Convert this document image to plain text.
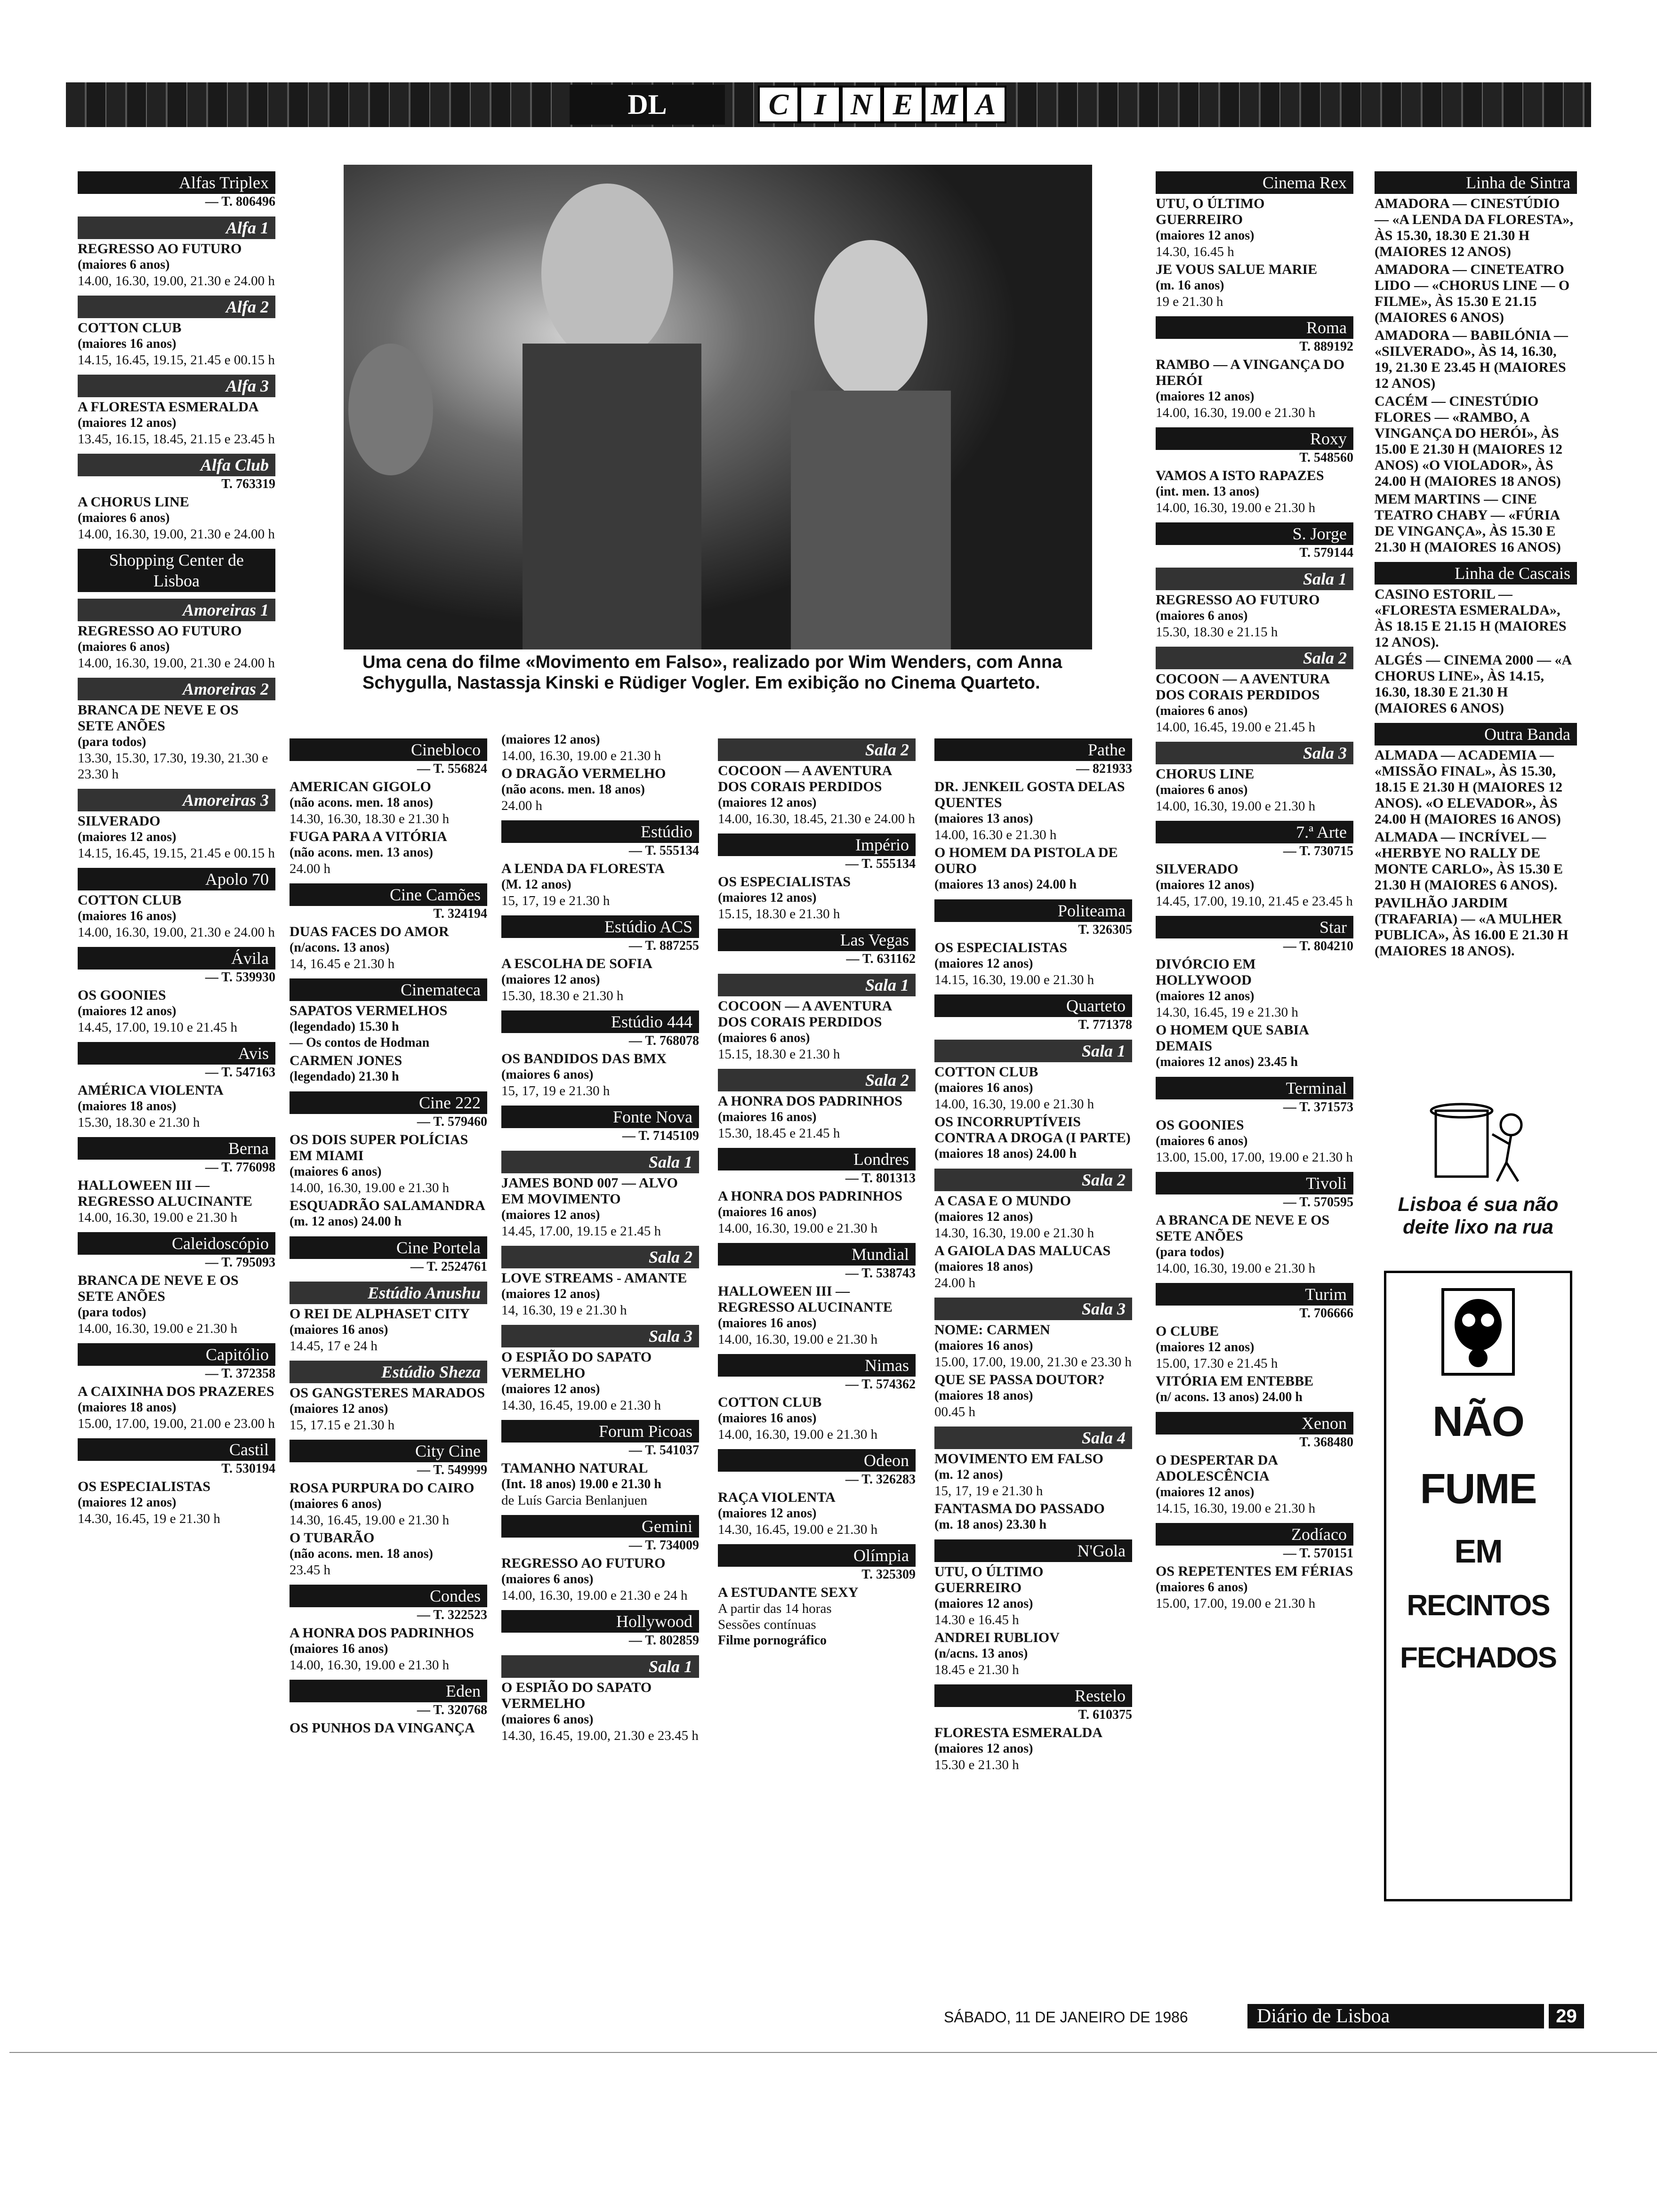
DL	C I N E M A
Alfas Triplex
— T. 806496
Alfa 1
REGRESSO AO FUTURO
(maiores 6 anos)
14.00, 16.30, 19.00, 21.30 e 24.00 h
Alfa 2
COTTON CLUB
(maiores 16 anos)
14.15, 16.45, 19.15, 21.45 e 00.15 h
Alfa 3
A FLORESTA ESMERALDA
(maiores 12 anos)
13.45, 16.15, 18.45, 21.15 e 23.45 h
Alfa Club
T. 763319
A CHORUS LINE
(maiores 6 anos)
14.00, 16.30, 19.00, 21.30 e 24.00 h
Shopping Center de Lisboa
Amoreiras 1
REGRESSO AO FUTURO
(maiores 6 anos)
14.00, 16.30, 19.00, 21.30 e 24.00 h
Amoreiras 2
BRANCA DE NEVE E OS SETE ANÕES
(para todos)
13.30, 15.30, 17.30, 19.30, 21.30 e 23.30 h
Amoreiras 3
SILVERADO
(maiores 12 anos)
14.15, 16.45, 19.15, 21.45 e 00.15 h
Apolo 70
COTTON CLUB
(maiores 16 anos)
14.00, 16.30, 19.00, 21.30 e 24.00 h
Ávila
— T. 539930
OS GOONIES
(maiores 12 anos)
14.45, 17.00, 19.10 e 21.45 h
Avis
— T. 547163
AMÉRICA VIOLENTA
(maiores 18 anos)
15.30, 18.30 e 21.30 h
Berna
— T. 776098
HALLOWEEN III — REGRESSO ALUCINANTE
14.00, 16.30, 19.00 e 21.30 h
Caleidoscópio
— T. 795093
BRANCA DE NEVE E OS SETE ANÕES
(para todos)
14.00, 16.30, 19.00 e 21.30 h
Capitólio
— T. 372358
A CAIXINHA DOS PRAZERES
(maiores 18 anos)
15.00, 17.00, 19.00, 21.00 e 23.00 h
Castil
T. 530194
OS ESPECIALISTAS
(maiores 12 anos)
14.30, 16.45, 19 e 21.30 h
Uma cena do filme «Movimento em Falso», realizado por Wim Wenders, com Anna Schygulla, Nastassja Kinski e Rüdiger Vogler. Em exibição no Cinema Quarteto.
Cinebloco
— T. 556824
AMERICAN GIGOLO
(não acons. men. 18 anos)
14.30, 16.30, 18.30 e 21.30 h
FUGA PARA A VITÓRIA
(não acons. men. 13 anos)
24.00 h
Cine Camões
T. 324194
DUAS FACES DO AMOR
(n/acons. 13 anos)
14, 16.45 e 21.30 h
Cinemateca
SAPATOS VERMELHOS
(legendado) 15.30 h
— Os contos de Hodman
CARMEN JONES
(legendado) 21.30 h
Cine 222
— T. 579460
OS DOIS SUPER POLÍCIAS EM MIAMI
(maiores 6 anos)
14.00, 16.30, 19.00 e 21.30 h
ESQUADRÃO SALAMANDRA
(m. 12 anos) 24.00 h
Cine Portela
— T. 2524761
Estúdio Anushu
O REI DE ALPHASET CITY
(maiores 16 anos)
14.45, 17 e 24 h
Estúdio Sheza
OS GANGSTERES MARADOS
(maiores 12 anos)
15, 17.15 e 21.30 h
City Cine
— T. 549999
ROSA PURPURA DO CAIRO
(maiores 6 anos)
14.30, 16.45, 19.00 e 21.30 h
O TUBARÃO
(não acons. men. 18 anos)
23.45 h
Condes
— T. 322523
A HONRA DOS PADRINHOS
(maiores 16 anos)
14.00, 16.30, 19.00 e 21.30 h
Eden
— T. 320768
OS PUNHOS DA VINGANÇA
(maiores 12 anos)
14.00, 16.30, 19.00 e 21.30 h
O DRAGÃO VERMELHO
(não acons. men. 18 anos)
24.00 h
Estúdio
— T. 555134
A LENDA DA FLORESTA
(M. 12 anos)
15, 17, 19 e 21.30 h
Estúdio ACS
— T. 887255
A ESCOLHA DE SOFIA
(maiores 12 anos)
15.30, 18.30 e 21.30 h
Estúdio 444
— T. 768078
OS BANDIDOS DAS BMX
(maiores 6 anos)
15, 17, 19 e 21.30 h
Fonte Nova
— T. 7145109
Sala 1
JAMES BOND 007 — ALVO EM MOVIMENTO
(maiores 12 anos)
14.45, 17.00, 19.15 e 21.45 h
Sala 2
LOVE STREAMS - AMANTE
(maiores 12 anos)
14, 16.30, 19 e 21.30 h
Sala 3
O ESPIÃO DO SAPATO VERMELHO
(maiores 12 anos)
14.30, 16.45, 19.00 e 21.30 h
Forum Picoas
— T. 541037
TAMANHO NATURAL
(Int. 18 anos) 19.00 e 21.30 h
de Luís Garcia Benlanjuen
Gemini
— T. 734009
REGRESSO AO FUTURO
(maiores 6 anos)
14.00, 16.30, 19.00 e 21.30 e 24 h
Hollywood
— T. 802859
Sala 1
O ESPIÃO DO SAPATO VERMELHO
(maiores 6 anos)
14.30, 16.45, 19.00, 21.30 e 23.45 h
Sala 2
COCOON — A AVENTURA DOS CORAIS PERDIDOS
(maiores 12 anos)
14.00, 16.30, 18.45, 21.30 e 24.00 h
Império
— T. 555134
OS ESPECIALISTAS
(maiores 12 anos)
15.15, 18.30 e 21.30 h
Las Vegas
— T. 631162
Sala 1
COCOON — A AVENTURA DOS CORAIS PERDIDOS
(maiores 6 anos)
15.15, 18.30 e 21.30 h
Sala 2
A HONRA DOS PADRINHOS
(maiores 16 anos)
15.30, 18.45 e 21.45 h
Londres
— T. 801313
A HONRA DOS PADRINHOS
(maiores 16 anos)
14.00, 16.30, 19.00 e 21.30 h
Mundial
— T. 538743
HALLOWEEN III — REGRESSO ALUCINANTE
(maiores 16 anos)
14.00, 16.30, 19.00 e 21.30 h
Nimas
— T. 574362
COTTON CLUB
(maiores 16 anos)
14.00, 16.30, 19.00 e 21.30 h
Odeon
— T. 326283
RAÇA VIOLENTA
(maiores 12 anos)
14.30, 16.45, 19.00 e 21.30 h
Olímpia
T. 325309
A ESTUDANTE SEXY
A partir das 14 horas
Sessões contínuas
Filme pornográfico
Pathe
— 821933
DR. JENKEIL GOSTA DELAS QUENTES
(maiores 13 anos)
14.00, 16.30 e 21.30 h
O HOMEM DA PISTOLA DE OURO
(maiores 13 anos) 24.00 h
Politeama
T. 326305
OS ESPECIALISTAS
(maiores 12 anos)
14.15, 16.30, 19.00 e 21.30 h
Quarteto
T. 771378
Sala 1
COTTON CLUB
(maiores 16 anos)
14.00, 16.30, 19.00 e 21.30 h
OS INCORRUPTÍVEIS CONTRA A DROGA (I PARTE)
(maiores 18 anos) 24.00 h
Sala 2
A CASA E O MUNDO
(maiores 12 anos)
14.30, 16.30, 19.00 e 21.30 h
A GAIOLA DAS MALUCAS
(maiores 18 anos)
24.00 h
Sala 3
NOME: CARMEN
(maiores 16 anos)
15.00, 17.00, 19.00, 21.30 e 23.30 h
QUE SE PASSA DOUTOR?
(maiores 18 anos)
00.45 h
Sala 4
MOVIMENTO EM FALSO
(m. 12 anos)
15, 17, 19 e 21.30 h
FANTASMA DO PASSADO
(m. 18 anos) 23.30 h
N'Gola
UTU, O ÚLTIMO GUERREIRO
(maiores 12 anos)
14.30 e 16.45 h
ANDREI RUBLIOV
(n/acns. 13 anos)
18.45 e 21.30 h
Restelo
T. 610375
FLORESTA ESMERALDA
(maiores 12 anos)
15.30 e 21.30 h
Cinema Rex
UTU, O ÚLTIMO GUERREIRO
(maiores 12 anos)
14.30, 16.45 h
JE VOUS SALUE MARIE
(m. 16 anos)
19 e 21.30 h
Roma
T. 889192
RAMBO — A VINGANÇA DO HERÓI
(maiores 12 anos)
14.00, 16.30, 19.00 e 21.30 h
Roxy
T. 548560
VAMOS A ISTO RAPAZES
(int. men. 13 anos)
14.00, 16.30, 19.00 e 21.30 h
S. Jorge
T. 579144
Sala 1
REGRESSO AO FUTURO
(maiores 6 anos)
15.30, 18.30 e 21.15 h
Sala 2
COCOON — A AVENTURA DOS CORAIS PERDIDOS
(maiores 6 anos)
14.00, 16.45, 19.00 e 21.45 h
Sala 3
CHORUS LINE
(maiores 6 anos)
14.00, 16.30, 19.00 e 21.30 h
7.ª Arte
— T. 730715
SILVERADO
(maiores 12 anos)
14.45, 17.00, 19.10, 21.45 e 23.45 h
Star
— T. 804210
DIVÓRCIO EM HOLLYWOOD
(maiores 12 anos)
14.30, 16.45, 19 e 21.30 h
O HOMEM QUE SABIA DEMAIS
(maiores 12 anos) 23.45 h
Terminal
— T. 371573
OS GOONIES
(maiores 6 anos)
13.00, 15.00, 17.00, 19.00 e 21.30 h
Tivoli
— T. 570595
A BRANCA DE NEVE E OS SETE ANÕES
(para todos)
14.00, 16.30, 19.00 e 21.30 h
Turim
T. 706666
O CLUBE
(maiores 12 anos)
15.00, 17.30 e 21.45 h
VITÓRIA EM ENTEBBE
(n/ acons. 13 anos) 24.00 h
Xenon
T. 368480
O DESPERTAR DA ADOLESCÊNCIA
(maiores 12 anos)
14.15, 16.30, 19.00 e 21.30 h
Zodíaco
— T. 570151
OS REPETENTES EM FÉRIAS
(maiores 6 anos)
15.00, 17.00, 19.00 e 21.30 h
Linha de Sintra
AMADORA — CINESTÚDIO — «A LENDA DA FLORESTA», ÀS 15.30, 18.30 E 21.30 H (MAIORES 12 ANOS)
AMADORA — CINETEATRO LIDO — «CHORUS LINE — O FILME», ÀS 15.30 E 21.15 (MAIORES 6 ANOS)
AMADORA — BABILÓNIA — «SILVERADO», ÀS 14, 16.30, 19, 21.30 E 23.45 H (MAIORES 12 ANOS)
CACÉM — CINESTÚDIO FLORES — «RAMBO, A VINGANÇA DO HERÓI», ÀS 15.00 E 21.30 H (MAIORES 12 ANOS) «O VIOLADOR», ÀS 24.00 H (MAIORES 18 ANOS)
MEM MARTINS — CINE TEATRO CHABY — «FÚRIA DE VINGANÇA», ÀS 15.30 E 21.30 H (MAIORES 16 ANOS)
Linha de Cascais
CASINO ESTORIL — «FLORESTA ESMERALDA», ÀS 18.15 E 21.15 H (MAIORES 12 ANOS).
ALGÉS — CINEMA 2000 — «A CHORUS LINE», ÀS 14.15, 16.30, 18.30 E 21.30 H (MAIORES 6 ANOS)
Outra Banda
ALMADA — ACADEMIA — «MISSÃO FINAL», ÀS 15.30, 18.15 E 21.30 H (MAIORES 12 ANOS). «O ELEVADOR», ÀS 24.00 H (MAIORES 16 ANOS)
ALMADA — INCRÍVEL — «HERBYE NO RALLY DE MONTE CARLO», ÀS 15.30 E 21.30 H (MAIORES 6 ANOS).
PAVILHÃO JARDIM (TRAFARIA) — «A MULHER PUBLICA», ÀS 16.00 E 21.30 H (MAIORES 18 ANOS).
Lisboa é sua não deite lixo na rua
NÃO
FUME
EM
RECINTOS
FECHADOS
SÁBADO, 11 DE JANEIRO DE 1986	Diário de Lisboa	29
